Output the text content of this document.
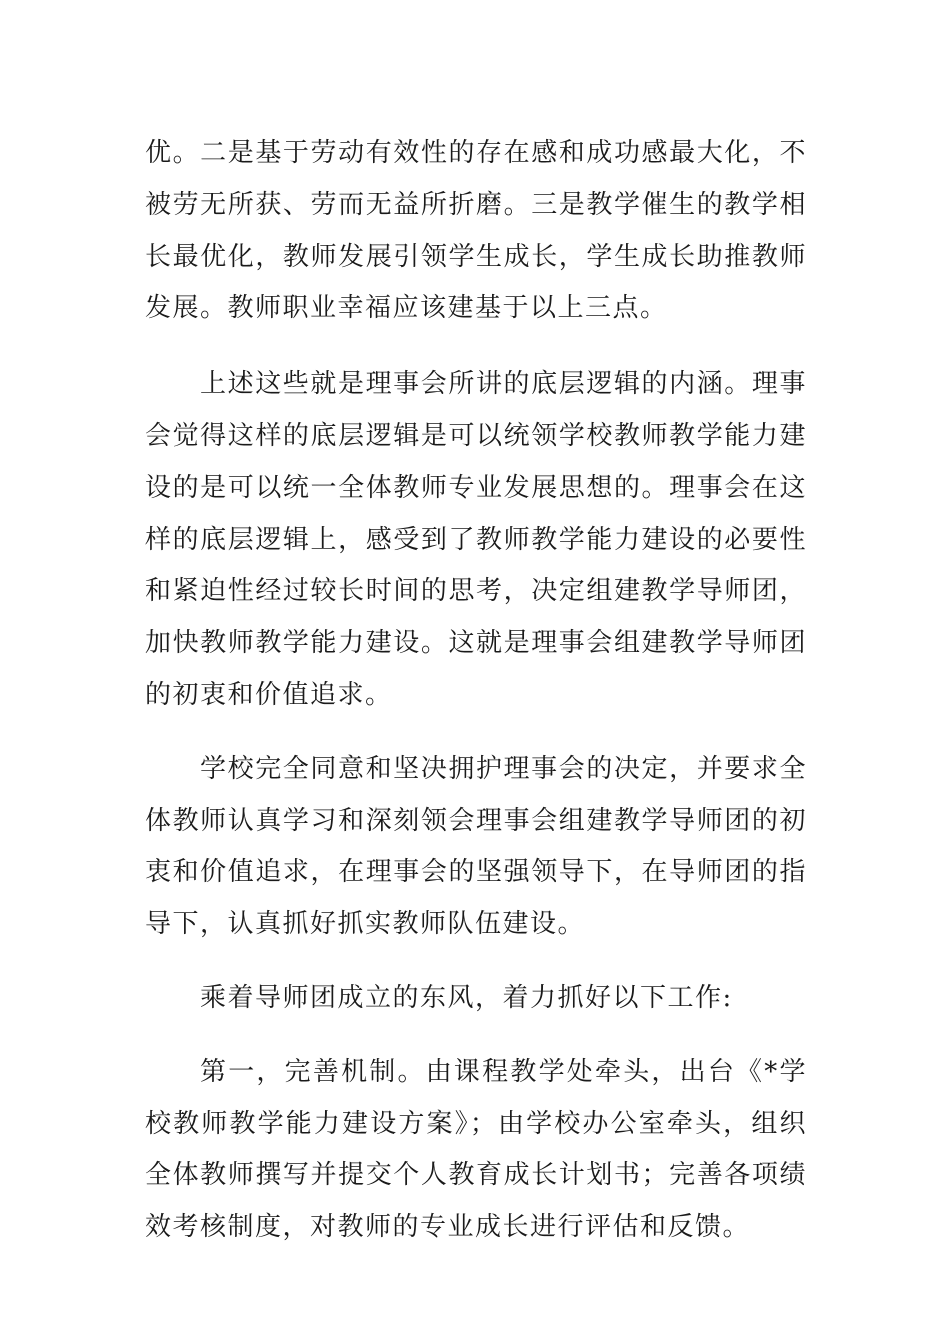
优。二是基于劳动有效性的存在感和成功感最大化，不被劳无所获、劳而无益所折磨。三是教学催生的教学相长最优化，教师发展引领学生成长，学生成长助推教师发展。教师职业幸福应该建基于以上三点。

上述这些就是理事会所讲的底层逻辑的内涵。理事会觉得这样的底层逻辑是可以统领学校教师教学能力建设的是可以统一全体教师专业发展思想的。理事会在这样的底层逻辑上，感受到了教师教学能力建设的必要性和紧迫性经过较长时间的思考，决定组建教学导师团，加快教师教学能力建设。这就是理事会组建教学导师团的初衷和价值追求。

学校完全同意和坚决拥护理事会的决定，并要求全体教师认真学习和深刻领会理事会组建教学导师团的初衷和价值追求，在理事会的坚强领导下，在导师团的指导下，认真抓好抓实教师队伍建设。

乘着导师团成立的东风，着力抓好以下工作:

第一，完善机制。由课程教学处牵头，出台《*学校教师教学能力建设方案》；由学校办公室牵头，组织全体教师撰写并提交个人教育成长计划书；完善各项绩效考核制度，对教师的专业成长进行评估和反馈。
